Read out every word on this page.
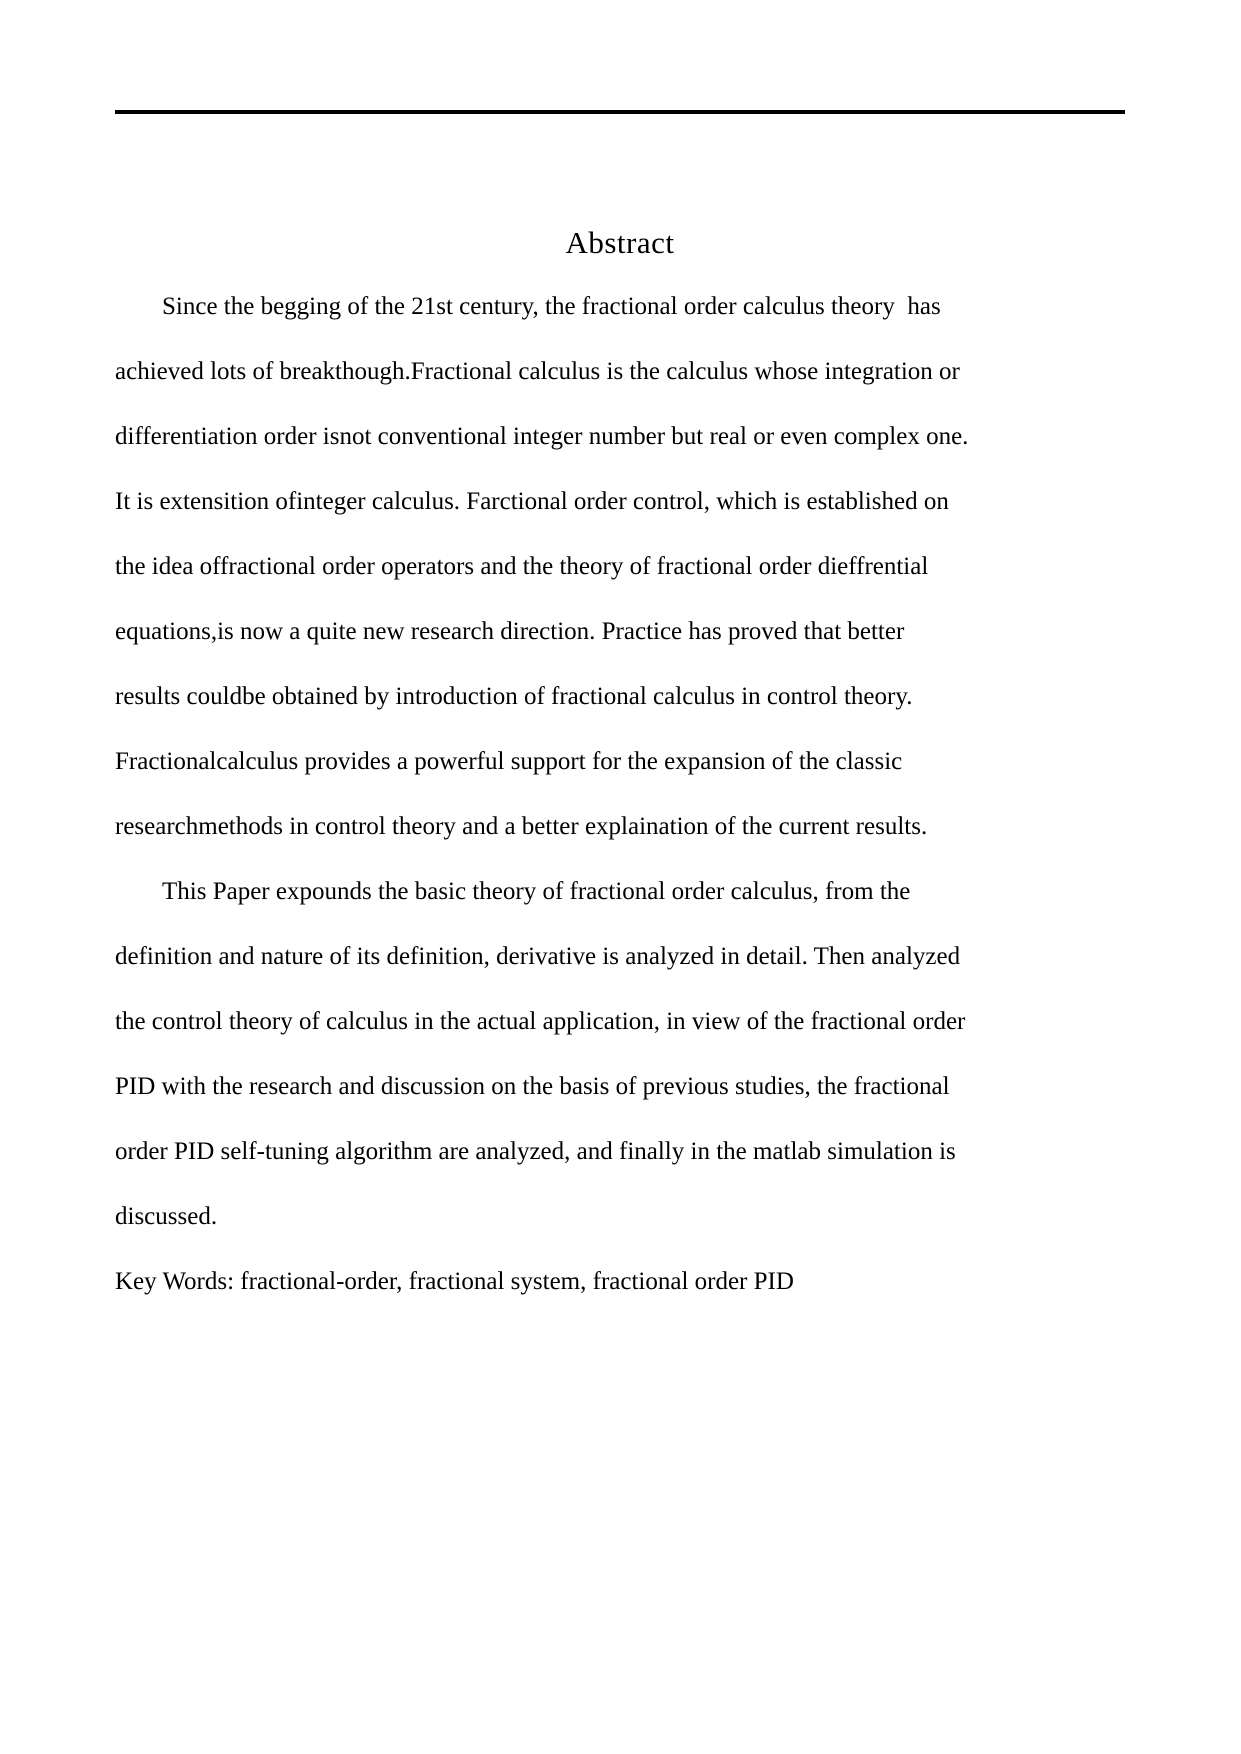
Abstract
Since the begging of the 21st century, the fractional order calculus theory  has
achieved lots of breakthough.Fractional calculus is the calculus whose integration or
differentiation order isnot conventional integer number but real or even complex one.
It is extensition ofinteger calculus. Farctional order control, which is established on
the idea offractional order operators and the theory of fractional order dieffrential
equations,is now a quite new research direction. Practice has proved that better
results couldbe obtained by introduction of fractional calculus in control theory.
Fractionalcalculus provides a powerful support for the expansion of the classic
researchmethods in control theory and a better explaination of the current results.
This Paper expounds the basic theory of fractional order calculus, from the
definition and nature of its definition, derivative is analyzed in detail. Then analyzed
the control theory of calculus in the actual application, in view of the fractional order
PID with the research and discussion on the basis of previous studies, the fractional
order PID self-tuning algorithm are analyzed, and finally in the matlab simulation is
discussed.
Key Words: fractional-order, fractional system, fractional order PID
